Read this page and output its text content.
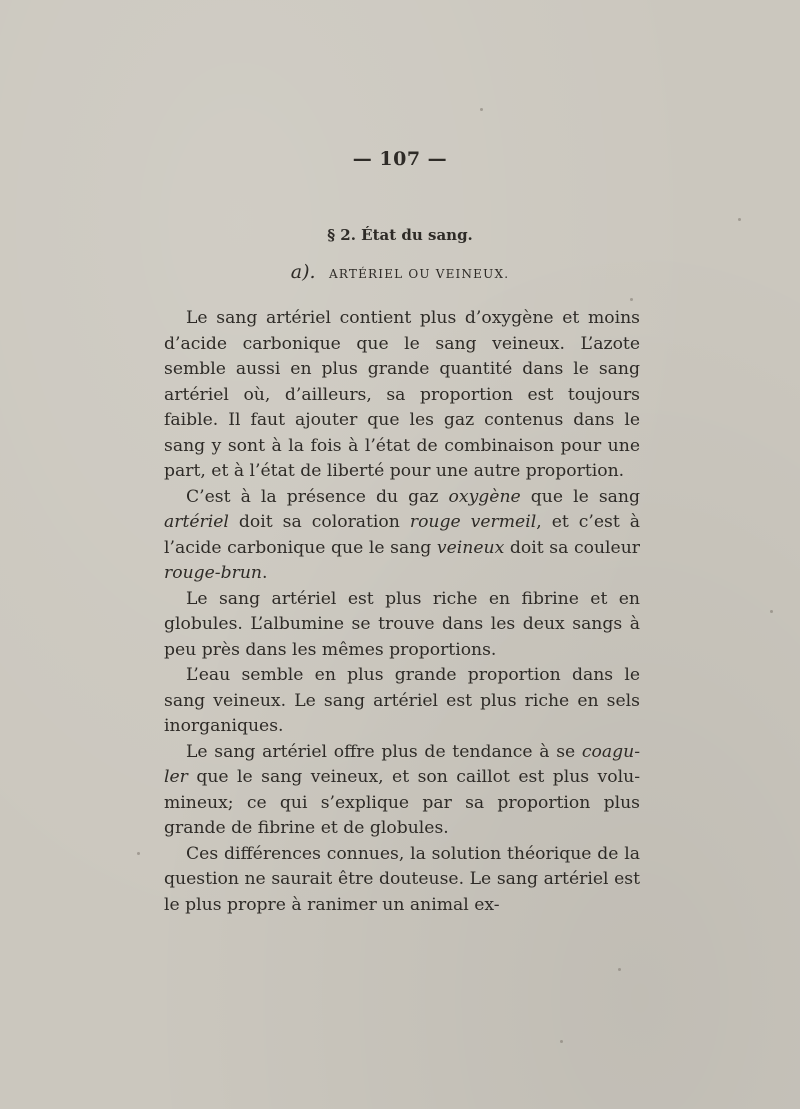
— 107 —
§ 2. État du sang.
a). ARTÉRIEL OU VEINEUX.

Le sang artériel contient plus d’oxygène et moins d’acide carbonique que le sang veineux. L’azote semble aussi en plus grande quantité dans le sang artériel où, d’ailleurs, sa proportion est toujours faible. Il faut ajouter que les gaz contenus dans le sang y sont à la fois à l’état de combinaison pour une part, et à l’état de liberté pour une autre proportion.

C’est à la présence du gaz oxygène que le sang artériel doit sa coloration rouge vermeil, et c’est à l’acide carbonique que le sang veineux doit sa couleur rouge-brun.

Le sang artériel est plus riche en fibrine et en globules. L’albumine se trouve dans les deux sangs à peu près dans les mêmes proportions.

L’eau semble en plus grande proportion dans le sang veineux. Le sang artériel est plus riche en sels inorganiques.

Le sang artériel offre plus de tendance à se coaguler que le sang veineux, et son caillot est plus volumineux; ce qui s’explique par sa proportion plus grande de fibrine et de globules.

Ces différences connues, la solution théorique de la question ne saurait être douteuse. Le sang artériel est le plus propre à ranimer un animal ex-
